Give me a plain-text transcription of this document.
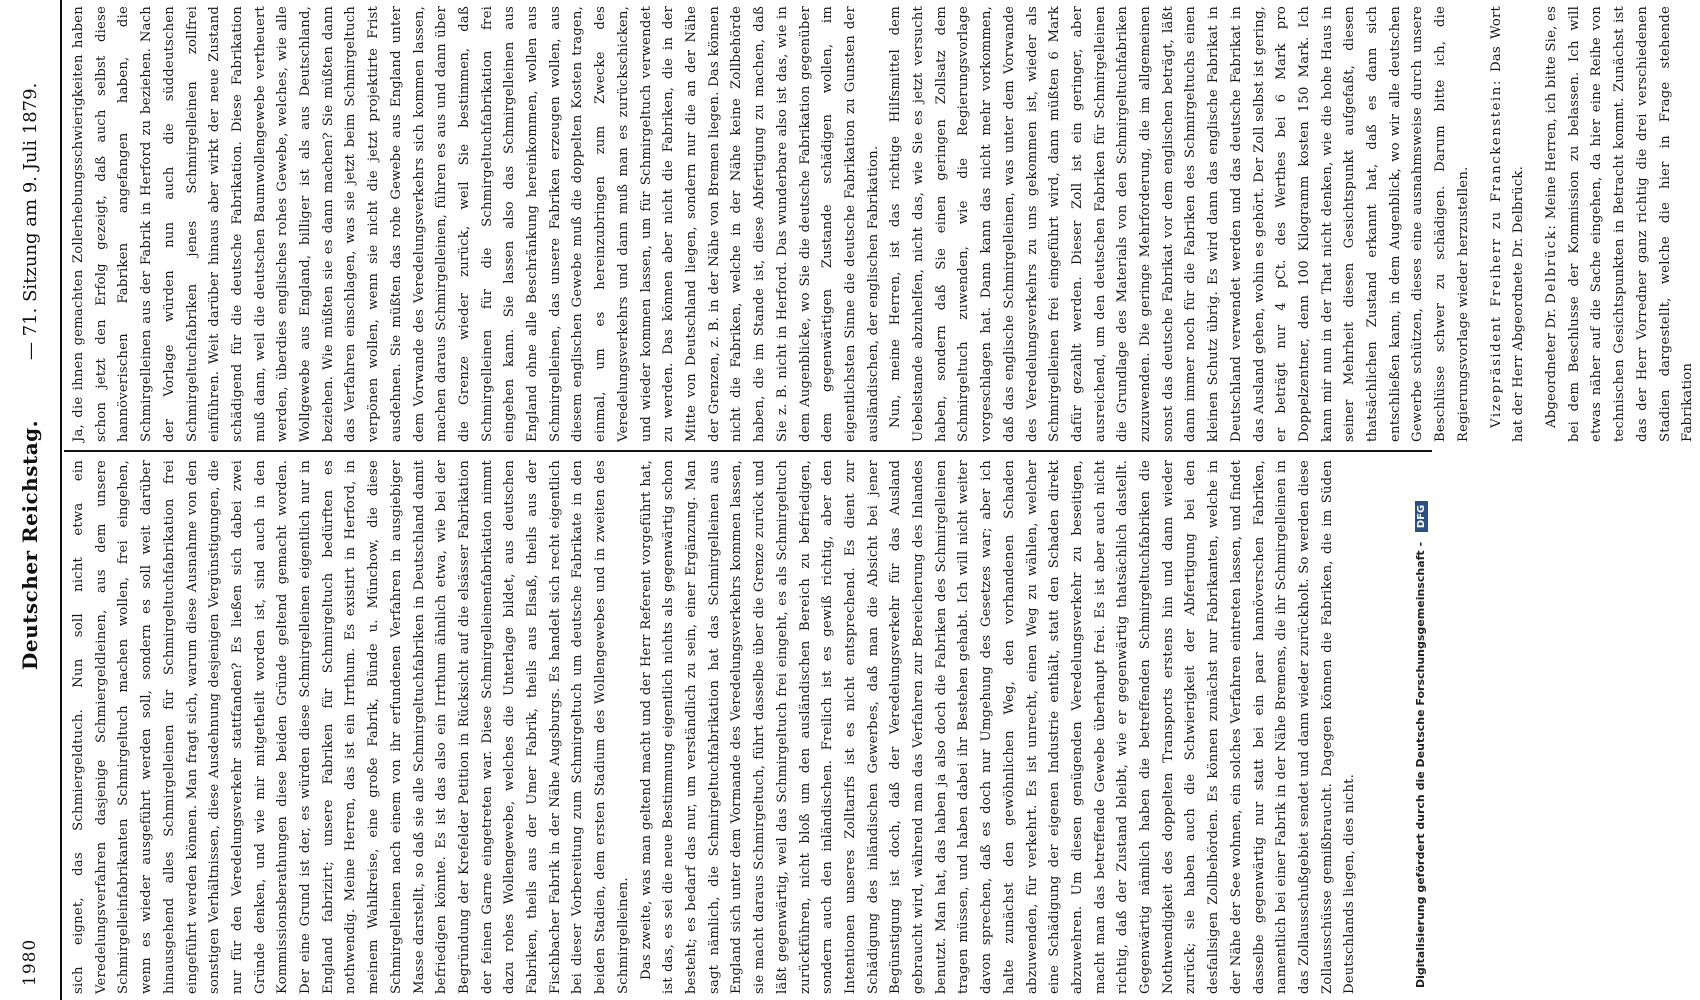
1980
Deutscher Reichstag.
— 71. Sitzung am 9. Juli 1879.

sich eignet, das Schmiergeldtuch. Nun soll nicht etwa ein Veredelungsverfahren dasjenige Schmiergeldleinen, aus dem unsere Schmirgelleinfabrikanten Schmirgeltuch machen wollen, frei eingehen, wenn es wieder ausgeführt werden soll, sondern es soll weit darüber hinausgehend alles Schmirgelleinen für Schmirgeltuchfabrikation frei eingeführt werden können. Man fragt sich, warum diese Ausnahme von den sonstigen Verhältnissen, diese Ausdehnung desjenigen Vergünstigungen, die nur für den Veredelungsverkehr stattfanden? Es ließen sich dabei zwei Gründe denken, und wie mir mitgetheilt worden ist, sind auch in den Kommissionsberathungen diese beiden Gründe geltend gemacht worden. Der eine Grund ist der, es würden diese Schmirgelleinen eigentlich nur in England fabrizirt; unsere Fabriken für Schmirgeltuch bedürften es nothwendig. Meine Herren, das ist ein Irrthum. Es existirt in Herford, in meinem Wahlkreise, eine große Fabrik, Bünde u. Münchow, die diese Schmirgelleinen nach einem von ihr erfundenen Verfahren in ausgiebiger Masse darstellt, so daß sie alle Schmirgeltuchfabriken in Deutschland damit befriedigen könnte. Es ist das also ein Irrthum ähnlich etwa, wie bei der Begründung der Krefelder Petition in Rücksicht auf die elsässer Fabrikation der feinen Garne eingetreten war. Diese Schmirgelleinenfabrikation nimmt dazu rohes Wollengewebe, welches die Unterlage bildet, aus deutschen Fabriken, theils aus der Umer Fabrik, theils aus Elsaß, theils aus der Fischbacher Fabrik in der Nähe Augsburgs. Es handelt sich recht eigentlich bei dieser Vorbereitung zum Schmirgeltuch um deutsche Fabrikate in den beiden Stadien, dem ersten Stadium des Wollengewebes und in zweiten des Schmirgelleinen. Das zweite, was man geltend macht und der Herr Referent vorgeführt hat, ist das, es sei die neue Bestimmung eigentlich nichts als gegenwärtig schon besteht; es bedarf das nur, um verständlich zu sein, einer Ergänzung. Man sagt nämlich, die Schmirgeltuchfabrikation hat das Schmirgelleinen aus England sich unter dem Vormande des Veredelungsverkehrs kommen lassen, sie macht daraus Schmirgeltuch, führt dasselbe über die Grenze zurück und läßt gegenwärtig, weil das Schmirgeltuch frei eingeht, es als Schmirgeltuch zurückführen, nicht bloß um den ausländischen Bereich zu befriedigen, sondern auch den inländischen. Freilich ist es gewiß richtig, aber den Intentionen unseres Zolltarifs ist es nicht entsprechend. Es dient zur Schädigung des inländischen Gewerbes, daß man die Absicht bei jener Begünstigung ist doch, daß der Veredelungsverkehr für das Ausland gebraucht wird, während man das Verfahren zur Bereicherung des Inlandes benutzt. Man hat, das haben ja also doch die Fabriken des Schmirgelleinen tragen müssen, und haben dabei ihr Bestehen gehabt. Ich will nicht weiter davon sprechen, daß es doch nur Umgehung des Gesetzes war; aber ich halte zunächst den gewöhnlichen Weg, den vorhandenen Schaden abzuwenden, für verkehrt. Es ist unrecht, einen Weg zu wählen, welcher eine Schädigung der eigenen Industrie enthält, statt den Schaden direkt abzuwehren. Um diesen genügenden Veredelungsverkehr zu beseitigen, macht man das betreffende Gewebe überhaupt frei. Es ist aber auch nicht richtig, daß der Zustand bleibt, wie er gegenwärtig thatsächlich dastellt. Gegenwärtig nämlich haben die betreffenden Schmirgeltuchfabriken die Nothwendigkeit des doppelten Transports erstens hin und dann wieder zurück; sie haben auch die Schwierigkeit der Abfertigung bei den desfallsigen Zollbehörden. Es können zunächst nur Fabrikanten, welche in der Nähe der See wohnen, ein solches Verfahren eintreten lassen, und findet dasselbe gegenwärtig nur statt bei ein paar hannöverschen Fabriken, namentlich bei einer Fabrik in der Nähe Bremens, die ihr Schmirgelleinen in das Zollausschußgebiet sendet und dann wieder zurückholt. So werden diese Zollausschüsse gemißbraucht. Dagegen können die Fabriken, die im Süden Deutschlands liegen, dies nicht.

Ja, die ihnen gemachten Zollerhebungsschwierigkeiten haben schon jetzt den Erfolg gezeigt, daß auch selbst diese hannöverischen Fabriken angefangen haben, die Schmirgelleinen aus der Fabrik in Herford zu beziehen. Nach der Vorlage würden nun auch die süddeutschen Schmirgeltuchfabriken jenes Schmirgelleinen zollfrei einführen. Weit darüber hinaus aber wirkt der neue Zustand schädigend für die deutsche Fabrikation. Diese Fabrikation muß dann, weil die deutschen Baumwollengewebe vertheuert werden, überdies englisches rohes Gewebe, welches, wie alle Wollgewebe aus England, billiger ist als aus Deutschland, beziehen. Wie müßten sie es dann machen? Sie müßten dann das Verfahren einschlagen, was sie jetzt beim Schmirgeltuch verpönen wollen, wenn sie nicht die jetzt projektirte Frist ausdehnen. Sie müßten das rohe Gewebe aus England unter dem Vorwande des Veredelungsverkehrs sich kommen lassen, machen daraus Schmirgelleinen, führen es aus und dann über die Grenze wieder zurück, weil Sie bestimmen, daß Schmirgelleinen für die Schmirgeltuchfabrikation frei eingehen kann. Sie lassen also das Schmirgelleinen aus England ohne alle Beschränkung hereinkommen, wollen aus Schmirgelleinen, das unsere Fabriken erzeugen wollen, aus diesem englischen Gewebe muß die doppelten Kosten tragen, einmal, um es hereinzubringen zum Zwecke des Veredelungsverkehrs und dann muß man es zurückschicken, und wieder kommen lassen, um für Schmirgeltuch verwendet zu werden. Das können aber nicht die Fabriken, die in der Mitte von Deutschland liegen, sondern nur die an der Nähe der Grenzen, z. B. in der Nähe von Bremen liegen. Das können nicht die Fabriken, welche in der Nähe keine Zollbehörde haben, die im Stande ist, diese Abfertigung zu machen, daß Sie z. B. nicht in Herford. Das wunderbare also ist das, wie in dem Augenblicke, wo Sie die deutsche Fabrikation gegenüber dem gegenwärtigen Zustande schädigen wollen, im eigentlichsten Sinne die deutsche Fabrikation zu Gunsten der ausländischen, der englischen Fabrikation. Nun, meine Herren, ist das richtige Hilfsmittel dem Uebelstande abzuhelfen, nicht das, wie Sie es jetzt versucht haben, sondern daß Sie einen geringen Zollsatz dem Schmirgeltuch zuwenden, wie die Regierungsvorlage vorgeschlagen hat. Dann kann das nicht mehr vorkommen, daß das englische Schmirgelleinen, was unter dem Vorwande des Veredelungsverkehrs zu uns gekommen ist, wieder als Schmirgelleinen frei eingeführt wird, dann müßten 6 Mark dafür gezahlt werden. Dieser Zoll ist ein geringer, aber ausreichend, um den deutschen Fabriken für Schmirgelleinen die Grundlage des Materials von den Schmirgeltuchfabriken zuzuwenden. Die geringe Mehrforderung, die im allgemeinen sonst das deutsche Fabrikat vor dem englischen beträgt, läßt dann immer noch für die Fabriken des Schmirgeltuchs einen kleinen Schutz übrig. Es wird dann das englische Fabrikat in Deutschland verwendet werden und das deutsche Fabrikat in das Ausland gehen, wohin es gehört. Der Zoll selbst ist gering, er beträgt nur 4 pCt. des Werthes bei 6 Mark pro Doppelzentner, denn 100 Kilogramm kosten 150 Mark. Ich kann mir nun in der That nicht denken, wie die hohe Haus in seiner Mehrheit diesen Gesichtspunkt aufgefaßt, diesen thatsächlichen Zustand erkannt hat, daß es dann sich entschließen kann, in dem Augenblick, wo wir alle deutschen Gewerbe schützen, dieses eine ausnahmsweise durch unsere Beschlüsse schwer zu schädigen. Darum bitte ich, die Regierungsvorlage wieder herzustellen.	Vizepräsident Freiherr zu Franckenstein: Das Wort hat der Herr Abgeordnete Dr. Delbrück.	Abgeordneter Dr. Delbrück: Meine Herren, ich bitte Sie, es bei dem Beschlusse der Kommission zu belassen. Ich will etwas näher auf die Sache eingehen, da hier eine Reihe von technischen Gesichtspunkten in Betracht kommt. Zunächst ist das der Herr Vorredner ganz richtig die drei verschiedenen Stadien dargestellt, welche die hier in Frage stehende Fabrikation

Digitalisierung gefördert durch die Deutsche Forschungsgemeinschaft - DFG
